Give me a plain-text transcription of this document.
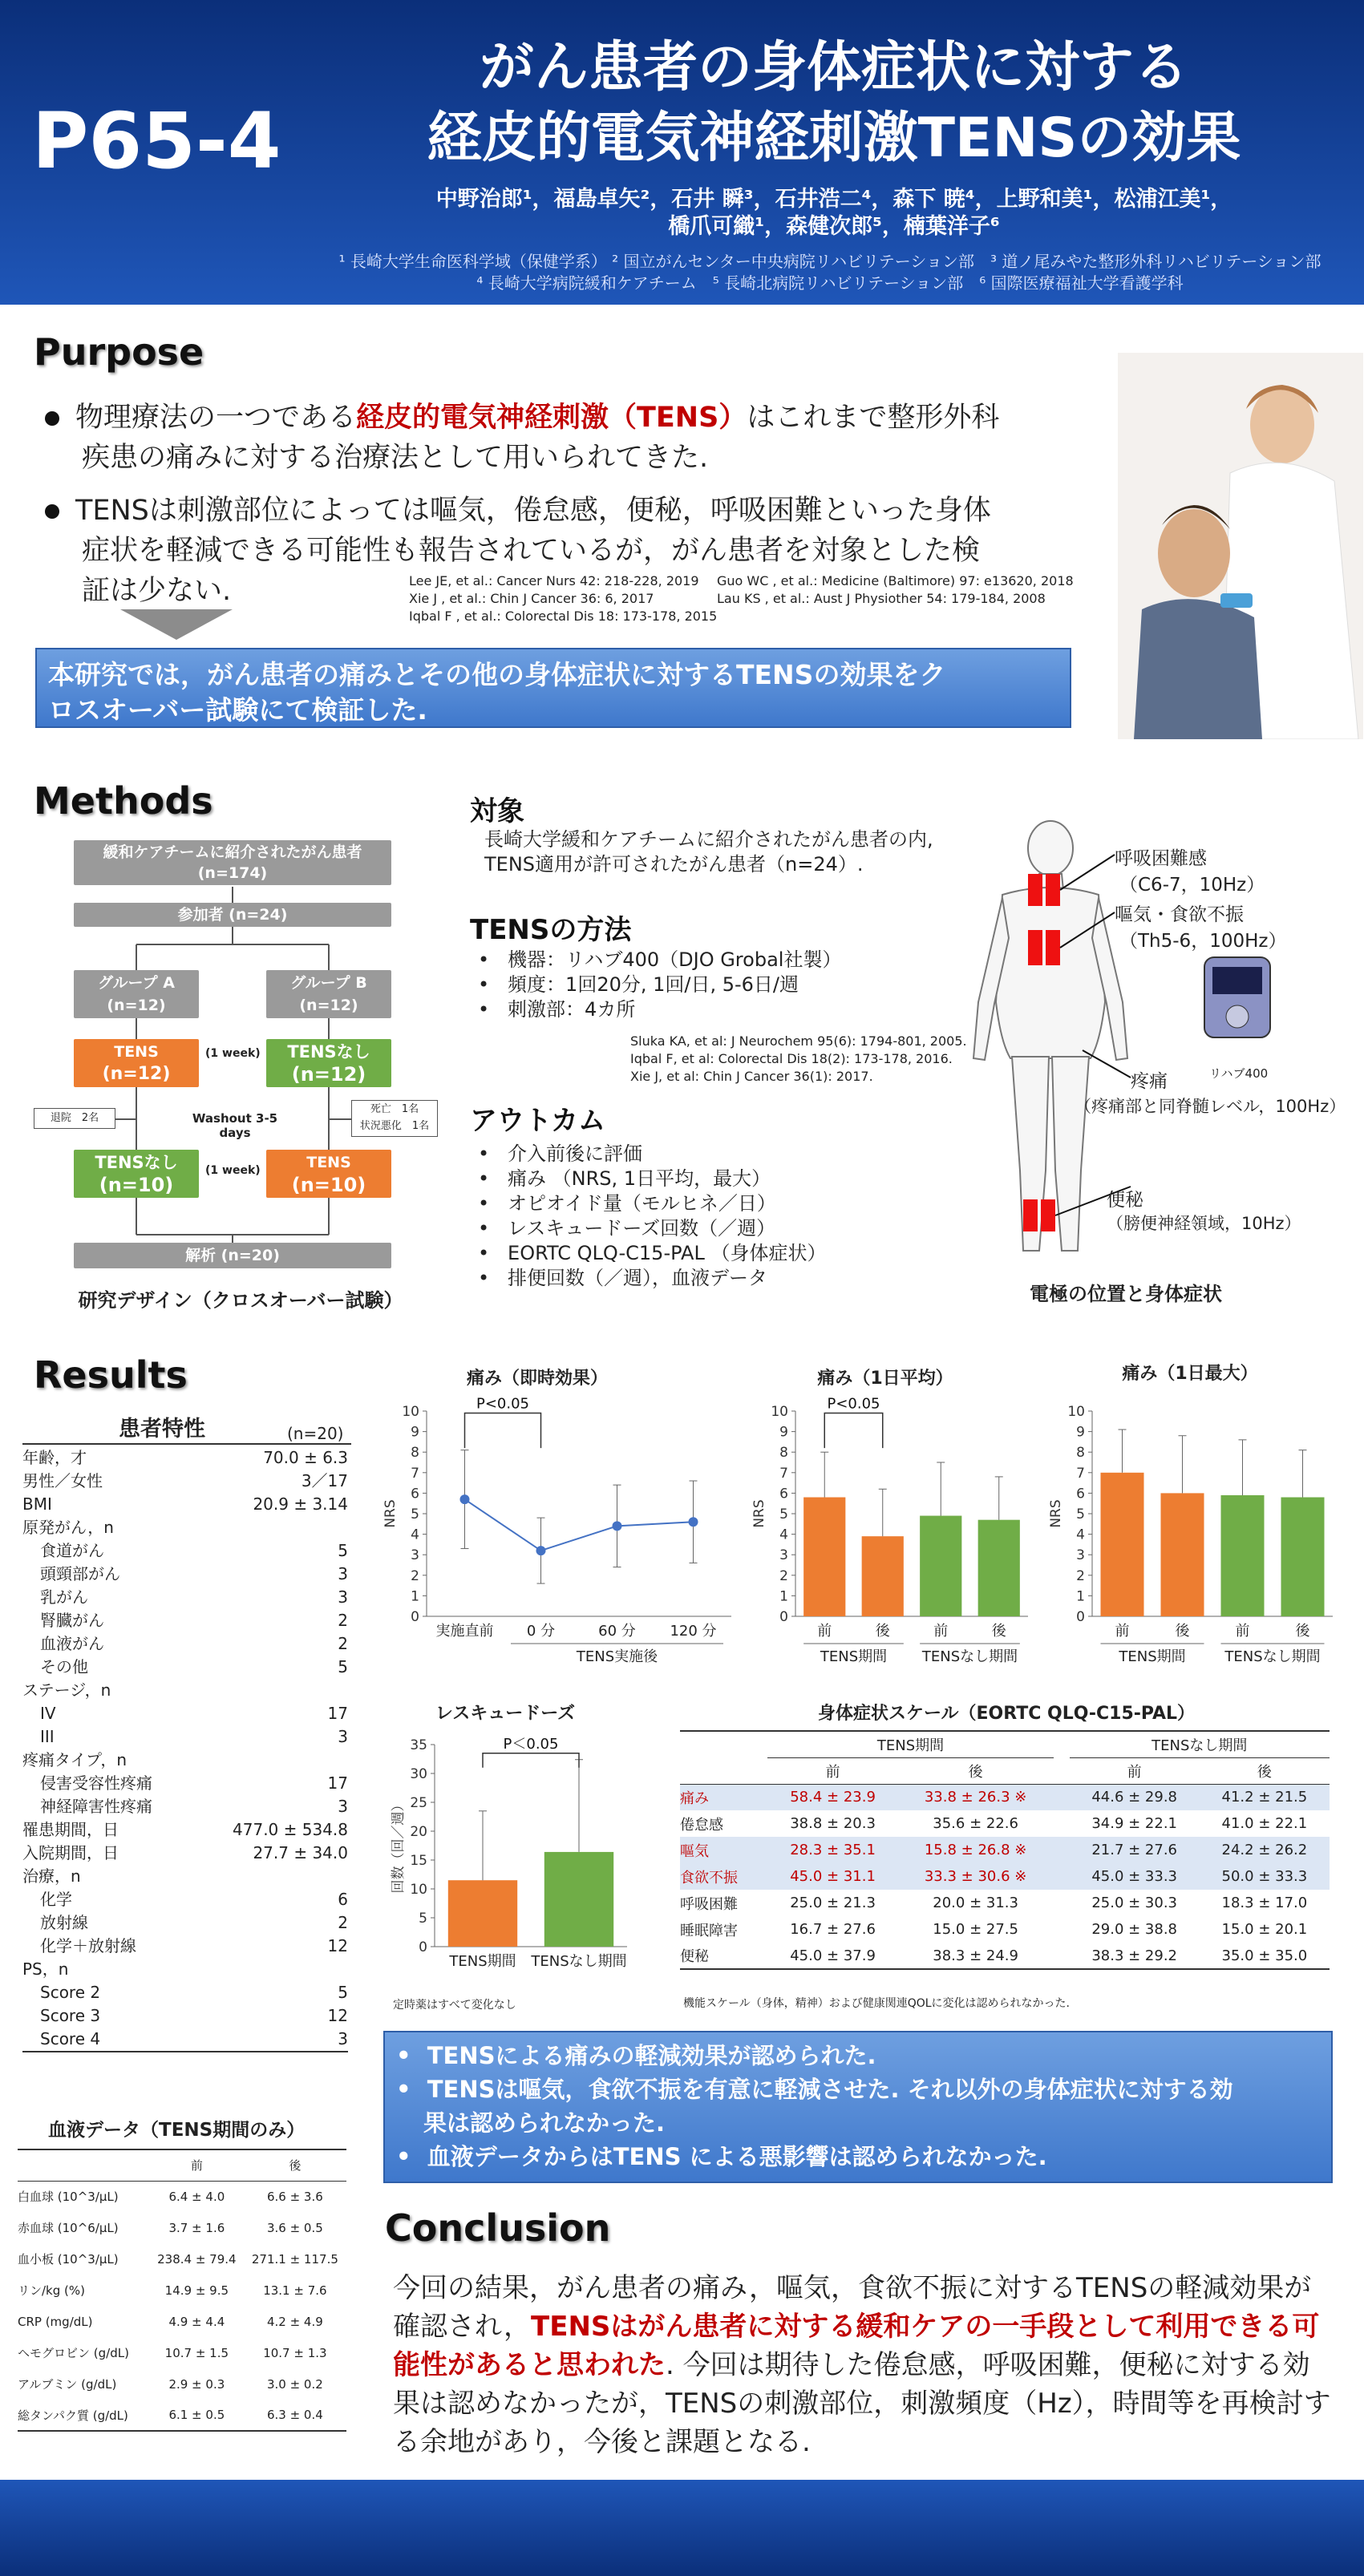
P65-4
がん患者の身体症状に対する
経皮的電気神経刺激TENSの効果
中野治郎¹，福島卓矢²，石井 瞬³，石井浩二⁴，森下 暁⁴，上野和美¹，松浦江美¹，
橋爪可織¹，森健次郎⁵，楠葉洋子⁶
¹ 長崎大学生命医科学域（保健学系） ² 国立がんセンター中央病院リハビリテーション部　³ 道ノ尾みやた整形外科リハビリテーション部
⁴ 長崎大学病院緩和ケアチーム　⁵ 長崎北病院リハビリテーション部　⁶ 国際医療福祉大学看護学科
Purpose
物理療法の一つである経皮的電気神経刺激（TENS）はこれまで整形外科
疾患の痛みに対する治療法として用いられてきた.
TENSは刺激部位によっては嘔気，倦怠感，便秘，呼吸困難といった身体
症状を軽減できる可能性も報告されているが，がん患者を対象とした検
証は少ない.	Lee JE, et al.: Cancer Nurs 42: 218-228, 2019
Xie J , et al.: Chin J Cancer 36: 6, 2017
Iqbal F , et al.: Colorectal Dis 18: 173-178, 2015
Guo WC , et al.: Medicine (Baltimore) 97: e13620, 2018
Lau KS , et al.: Aust J Physiother 54: 179-184, 2008
本研究では，がん患者の痛みとその他の身体症状に対するTENSの効果をク
ロスオーバー試験にて検証した.
Methods
緩和ケアチームに紹介されたがん患者
(n=174)
参加者 (n=24)
グループ A
(n=12)
グループ B
(n=12)
TENS
(n=12)
TENSなし
(n=12)
(1 week)
Washout 3-5 days
退院　2名
死亡　1名
状況悪化　1名
TENSなし
(n=10)
TENS
(n=10)
(1 week)
解析 (n=20)
研究デザイン（クロスオーバー試験）
対象
長崎大学緩和ケアチームに紹介されたがん患者の内,
TENS適用が許可されたがん患者（n=24）.
TENSの方法
•   機器：リハブ400（DJO Grobal社製）
•   頻度：1回20分, 1回/日, 5-6日/週
•   刺激部：4カ所
Sluka KA, et al: J Neurochem 95(6): 1794-801, 2005.
Iqbal F, et al: Colorectal Dis 18(2): 173-178, 2016.
Xie J, et al: Chin J Cancer 36(1): 2017.
アウトカム
•   介入前後に評価
•   痛み （NRS, 1日平均，最大）
•   オピオイド量（モルヒネ／日）
•   レスキュードーズ回数（／週）
•   EORTC QLQ-C15-PAL （身体症状）
•   排便回数（／週），血液データ
呼吸困難感
（C6-7，10Hz）
嘔気・食欲不振
（Th5-6，100Hz）
リハブ400
疼痛
（疼痛部と同脊髄レベル，100Hz）
便秘
（膀便神経領域，10Hz）
電極の位置と身体症状
Results
患者特性	(n=20)
年齢，才	70.0 ± 6.3
男性／女性	3／17
BMI	20.9 ± 3.14
原発がん，n	
食道がん	5
頭頸部がん	3
乳がん	3
腎臓がん	2
血液がん	2
その他	5
ステージ，n	
IV	17
III	3
疼痛タイプ，n	
侵害受容性疼痛	17
神経障害性疼痛	3
罹患期間，日	477.0 ± 534.8
入院期間，日	27.7 ± 34.0
治療，n	
化学	6
放射線	2
化学＋放射線	12
PS，n	
Score 2	5
Score 3	12
Score 4	3
血液データ（TENS期間のみ）
	前	後
白血球 (10^3/μL)	6.4 ± 4.0	6.6 ± 3.6
赤血球 (10^6/μL)	3.7 ± 1.6	3.6 ± 0.5
血小板 (10^3/μL)	238.4 ± 79.4	271.1 ± 117.5
リン/kg (%)	14.9 ± 9.5	13.1 ± 7.6
CRP (mg/dL)	4.9 ± 4.4	4.2 ± 4.9
ヘモグロビン (g/dL)	10.7 ± 1.5	10.7 ± 1.3
アルブミン (g/dL)	2.9 ± 0.3	3.0 ± 0.2
総タンパク質 (g/dL)	6.1 ± 0.5	6.3 ± 0.4
痛み（即時効果）	痛み（1日平均）	痛み（1日最大）
レスキュードーズ
0
1
2
3
4
5
6
7
8
9
10
NRS
実施直前 0 分	60 分 120 分
TENS実施後
P<0.05
0
1
2
3
4
5
6
7
8
9
10
NRS
前	後	前	後
TENS期間 TENSなし期間
P<0.05
0
1
2
3
4
5
6
7
8
9
10
NRS
前	後	前	後
TENS期間	TENSなし期間
0
5
10
15
20
25
30
35
回数（回／週）
TENS期間 TENSなし期間
P＜0.05
定時薬はすべて変化なし
身体症状スケール（EORTC QLQ-C15-PAL）
	TENS期間			TENSなし期間	
	前	後		前	後
痛み	58.4 ± 23.9	33.8 ± 26.3 ※		44.6 ± 29.8	41.2 ± 21.5
倦怠感	38.8 ± 20.3	35.6 ± 22.6		34.9 ± 22.1	41.0 ± 22.1
嘔気	28.3 ± 35.1	15.8 ± 26.8 ※		21.7 ± 27.6	24.2 ± 26.2
食欲不振	45.0 ± 31.1	33.3 ± 30.6 ※		45.0 ± 33.3	50.0 ± 33.3
呼吸困難	25.0 ± 21.3	20.0 ± 31.3		25.0 ± 30.3	18.3 ± 17.0
睡眠障害	16.7 ± 27.6	15.0 ± 27.5		29.0 ± 38.8	15.0 ± 20.1
便秘	45.0 ± 37.9	38.3 ± 24.9		38.3 ± 29.2	35.0 ± 35.0
機能スケール（身体，精神）および健康関連QOLに変化は認められなかった.
•  TENSによる痛みの軽減効果が認められた.
•  TENSは嘔気，食欲不振を有意に軽減させた. それ以外の身体症状に対する効
果は認められなかった.
•  血液データからはTENS による悪影響は認められなかった.
Conclusion
今回の結果，がん患者の痛み，嘔気，食欲不振に対するTENSの軽減効果が確認され，TENSはがん患者に対する緩和ケアの一手段として利用できる可能性があると思われた. 今回は期待した倦怠感，呼吸困難，便秘に対する効果は認めなかったが，TENSの刺激部位，刺激頻度（Hz），時間等を再検討する余地があり，今後と課題となる.
